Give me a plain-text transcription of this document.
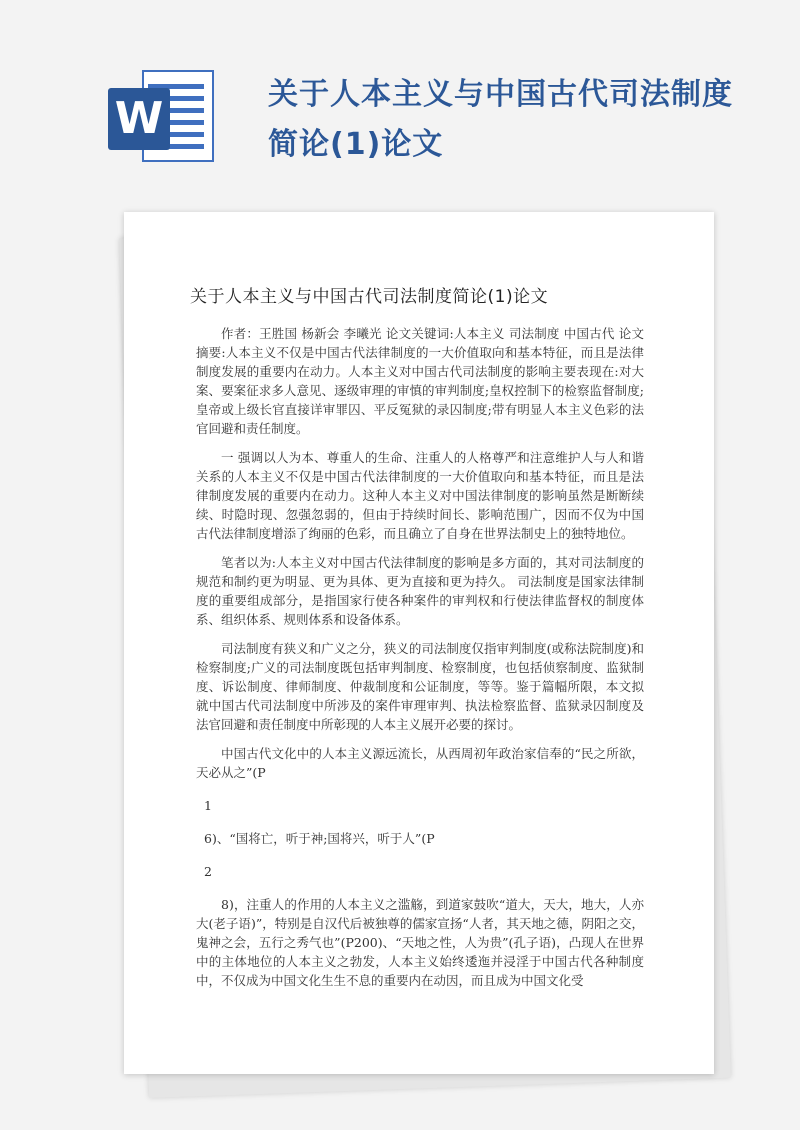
W	关于人本主义与中国古代司法制度简论(1)论文
关于人本主义与中国古代司法制度简论(1)论文

作者：王胜国 杨新会 李曦光 论文关键词:人本主义 司法制度 中国古代 论文摘要:人本主义不仅是中国古代法律制度的一大价值取向和基本特征，而且是法律制度发展的重要内在动力。人本主义对中国古代司法制度的影响主要表现在:对大案、要案征求多人意见、逐级审理的审慎的审判制度;皇权控制下的检察监督制度;皇帝或上级长官直接详审罪囚、平反冤狱的录囚制度;带有明显人本主义色彩的法官回避和责任制度。

一 强调以人为本、尊重人的生命、注重人的人格尊严和注意维护人与人和谐关系的人本主义不仅是中国古代法律制度的一大价值取向和基本特征，而且是法律制度发展的重要内在动力。这种人本主义对中国法律制度的影响虽然是断断续续、时隐时现、忽强忽弱的，但由于持续时间长、影响范围广，因而不仅为中国古代法律制度增添了绚丽的色彩，而且确立了自身在世界法制史上的独特地位。

笔者以为:人本主义对中国古代法律制度的影响是多方面的，其对司法制度的规范和制约更为明显、更为具体、更为直接和更为持久。 司法制度是国家法律制度的重要组成部分，是指国家行使各种案件的审判权和行使法律监督权的制度体系、组织体系、规则体系和设备体系。

司法制度有狭义和广义之分，狭义的司法制度仅指审判制度(或称法院制度)和检察制度;广义的司法制度既包括审判制度、检察制度，也包括侦察制度、监狱制度、诉讼制度、律师制度、仲裁制度和公证制度，等等。鉴于篇幅所限，本文拟就中国古代司法制度中所涉及的案件审理审判、执法检察监督、监狱录囚制度及法官回避和责任制度中所彰现的人本主义展开必要的探讨。

中国古代文化中的人本主义源远流长，从西周初年政治家信奉的“民之所欲，天必从之”(P

1

6)、“国将亡，听于神;国将兴，听于人”(P

2

8)，注重人的作用的人本主义之滥觞，到道家鼓吹“道大，天大，地大，人亦大(老子语)”，特别是自汉代后被独尊的儒家宣扬“人者，其天地之德，阴阳之交，鬼神之会，五行之秀气也”(P200)、“天地之性，人为贵”(孔子语)，凸现人在世界中的主体地位的人本主义之勃发，人本主义始终逶迤并浸淫于中国古代各种制度中，不仅成为中国文化生生不息的重要内在动因，而且成为中国文化受
